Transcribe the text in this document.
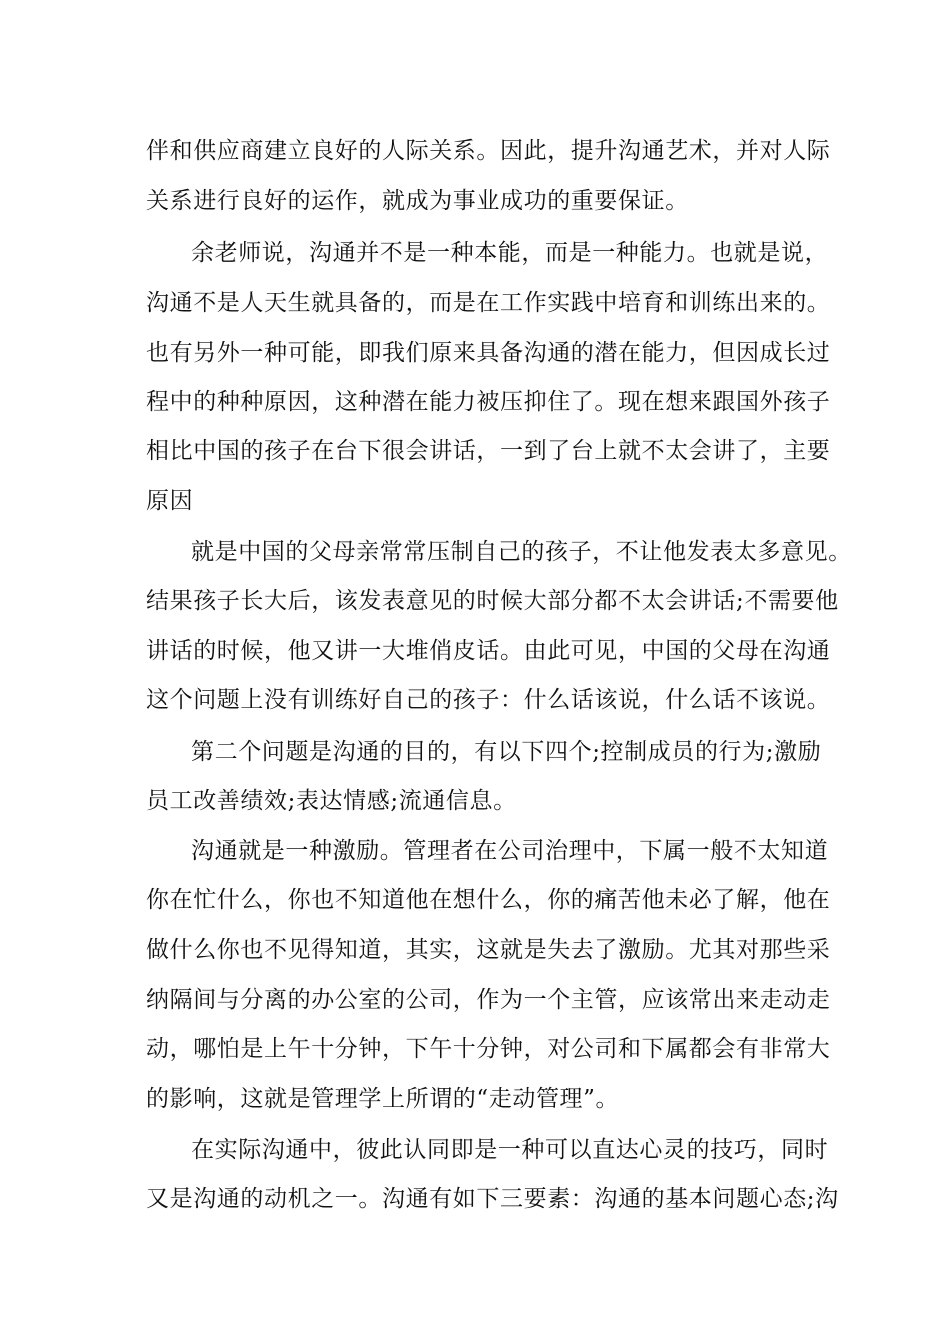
伴和供应商建立良好的人际关系。因此，提升沟通艺术，并对人际
关系进行良好的运作，就成为事业成功的重要保证。
余老师说，沟通并不是一种本能，而是一种能力。也就是说，
沟通不是人天生就具备的，而是在工作实践中培育和训练出来的。
也有另外一种可能，即我们原来具备沟通的潜在能力，但因成长过
程中的种种原因，这种潜在能力被压抑住了。现在想来跟国外孩子
相比中国的孩子在台下很会讲话，一到了台上就不太会讲了，主要
原因
就是中国的父母亲常常压制自己的孩子，不让他发表太多意见。
结果孩子长大后，该发表意见的时候大部分都不太会讲话;不需要他
讲话的时候，他又讲一大堆俏皮话。由此可见，中国的父母在沟通
这个问题上没有训练好自己的孩子：什么话该说，什么话不该说。
第二个问题是沟通的目的，有以下四个;控制成员的行为;激励
员工改善绩效;表达情感;流通信息。
沟通就是一种激励。管理者在公司治理中，下属一般不太知道
你在忙什么，你也不知道他在想什么，你的痛苦他未必了解，他在
做什么你也不见得知道，其实，这就是失去了激励。尤其对那些采
纳隔间与分离的办公室的公司，作为一个主管，应该常出来走动走
动，哪怕是上午十分钟，下午十分钟，对公司和下属都会有非常大
的影响，这就是管理学上所谓的“走动管理”。
在实际沟通中，彼此认同即是一种可以直达心灵的技巧，同时
又是沟通的动机之一。沟通有如下三要素：沟通的基本问题心态;沟
